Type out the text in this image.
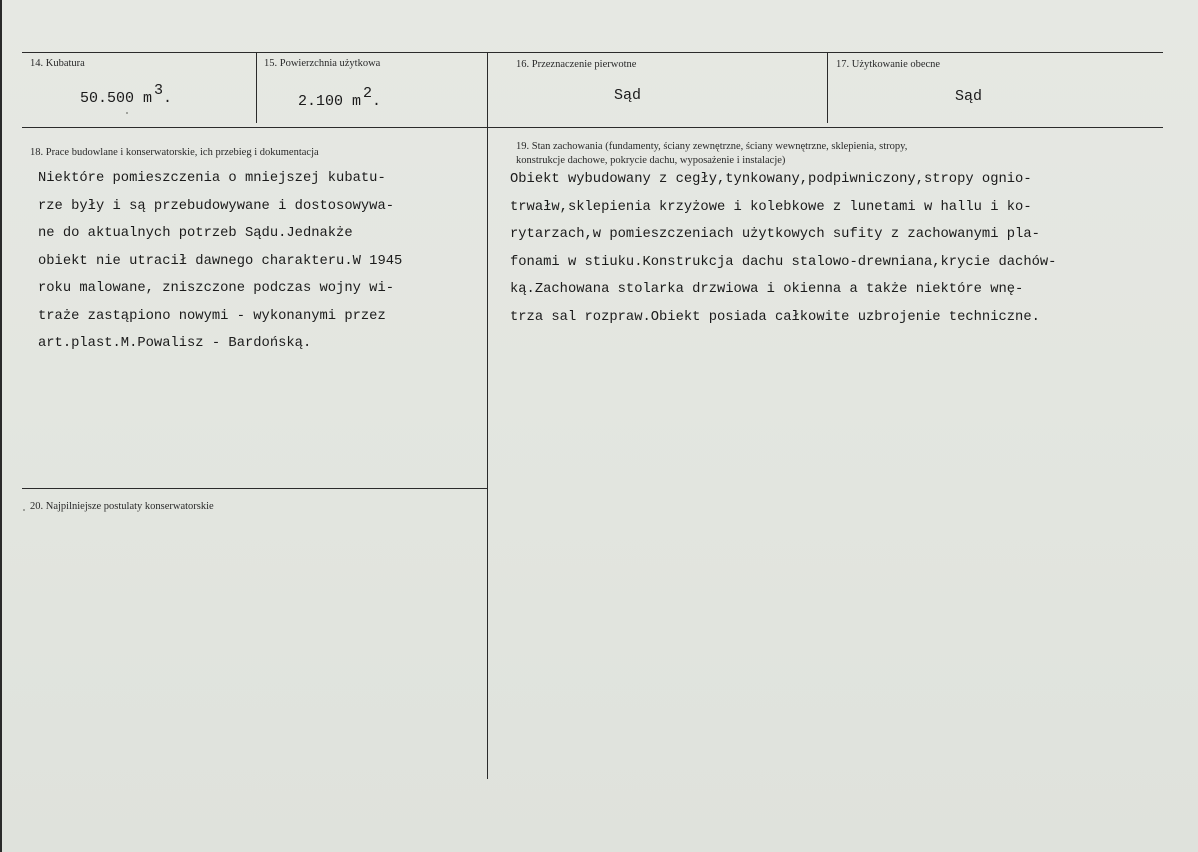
14. Kubatura
50.500 m $^3$.
15. Powierzchnia użytkowa
2.100 m $^2$.
16. Przeznaczenie pierwotne
Sąd
17. Użytkowanie obecne
Sąd
18. Prace budowlane i konserwatorskie, ich przebieg i dokumentacja
Niektóre pomieszczenia o mniejszej kubatu-
rze były i są przebudowywane i dostosowywa-
ne do aktualnych potrzeb Sądu.Jednakże
obiekt nie utracił dawnego charakteru.W 1945
roku malowane, zniszczone podczas wojny wi-
traże zastąpiono nowymi - wykonanymi przez
art.plast.M.Powalisz - Bardońską.
19. Stan zachowania (fundamenty, ściany zewnętrzne, ściany wewnętrzne, sklepienia, stropy,
konstrukcje dachowe, pokrycie dachu, wyposażenie i instalacje)
Obiekt wybudowany z cegły,tynkowany,podpiwniczony,stropy ognio-
trwałw,sklepienia krzyżowe i kolebkowe z lunetami w hallu i ko-
rytarzach,w pomieszczeniach użytkowych sufity z zachowanymi pla-
fonami w stiuku.Konstrukcja dachu stalowo-drewniana,krycie dachów-
ką.Zachowana stolarka drzwiowa i okienna a także niektóre wnę-
trza sal rozpraw.Obiekt posiada całkowite uzbrojenie techniczne.
20. Najpilniejsze postulaty konserwatorskie
